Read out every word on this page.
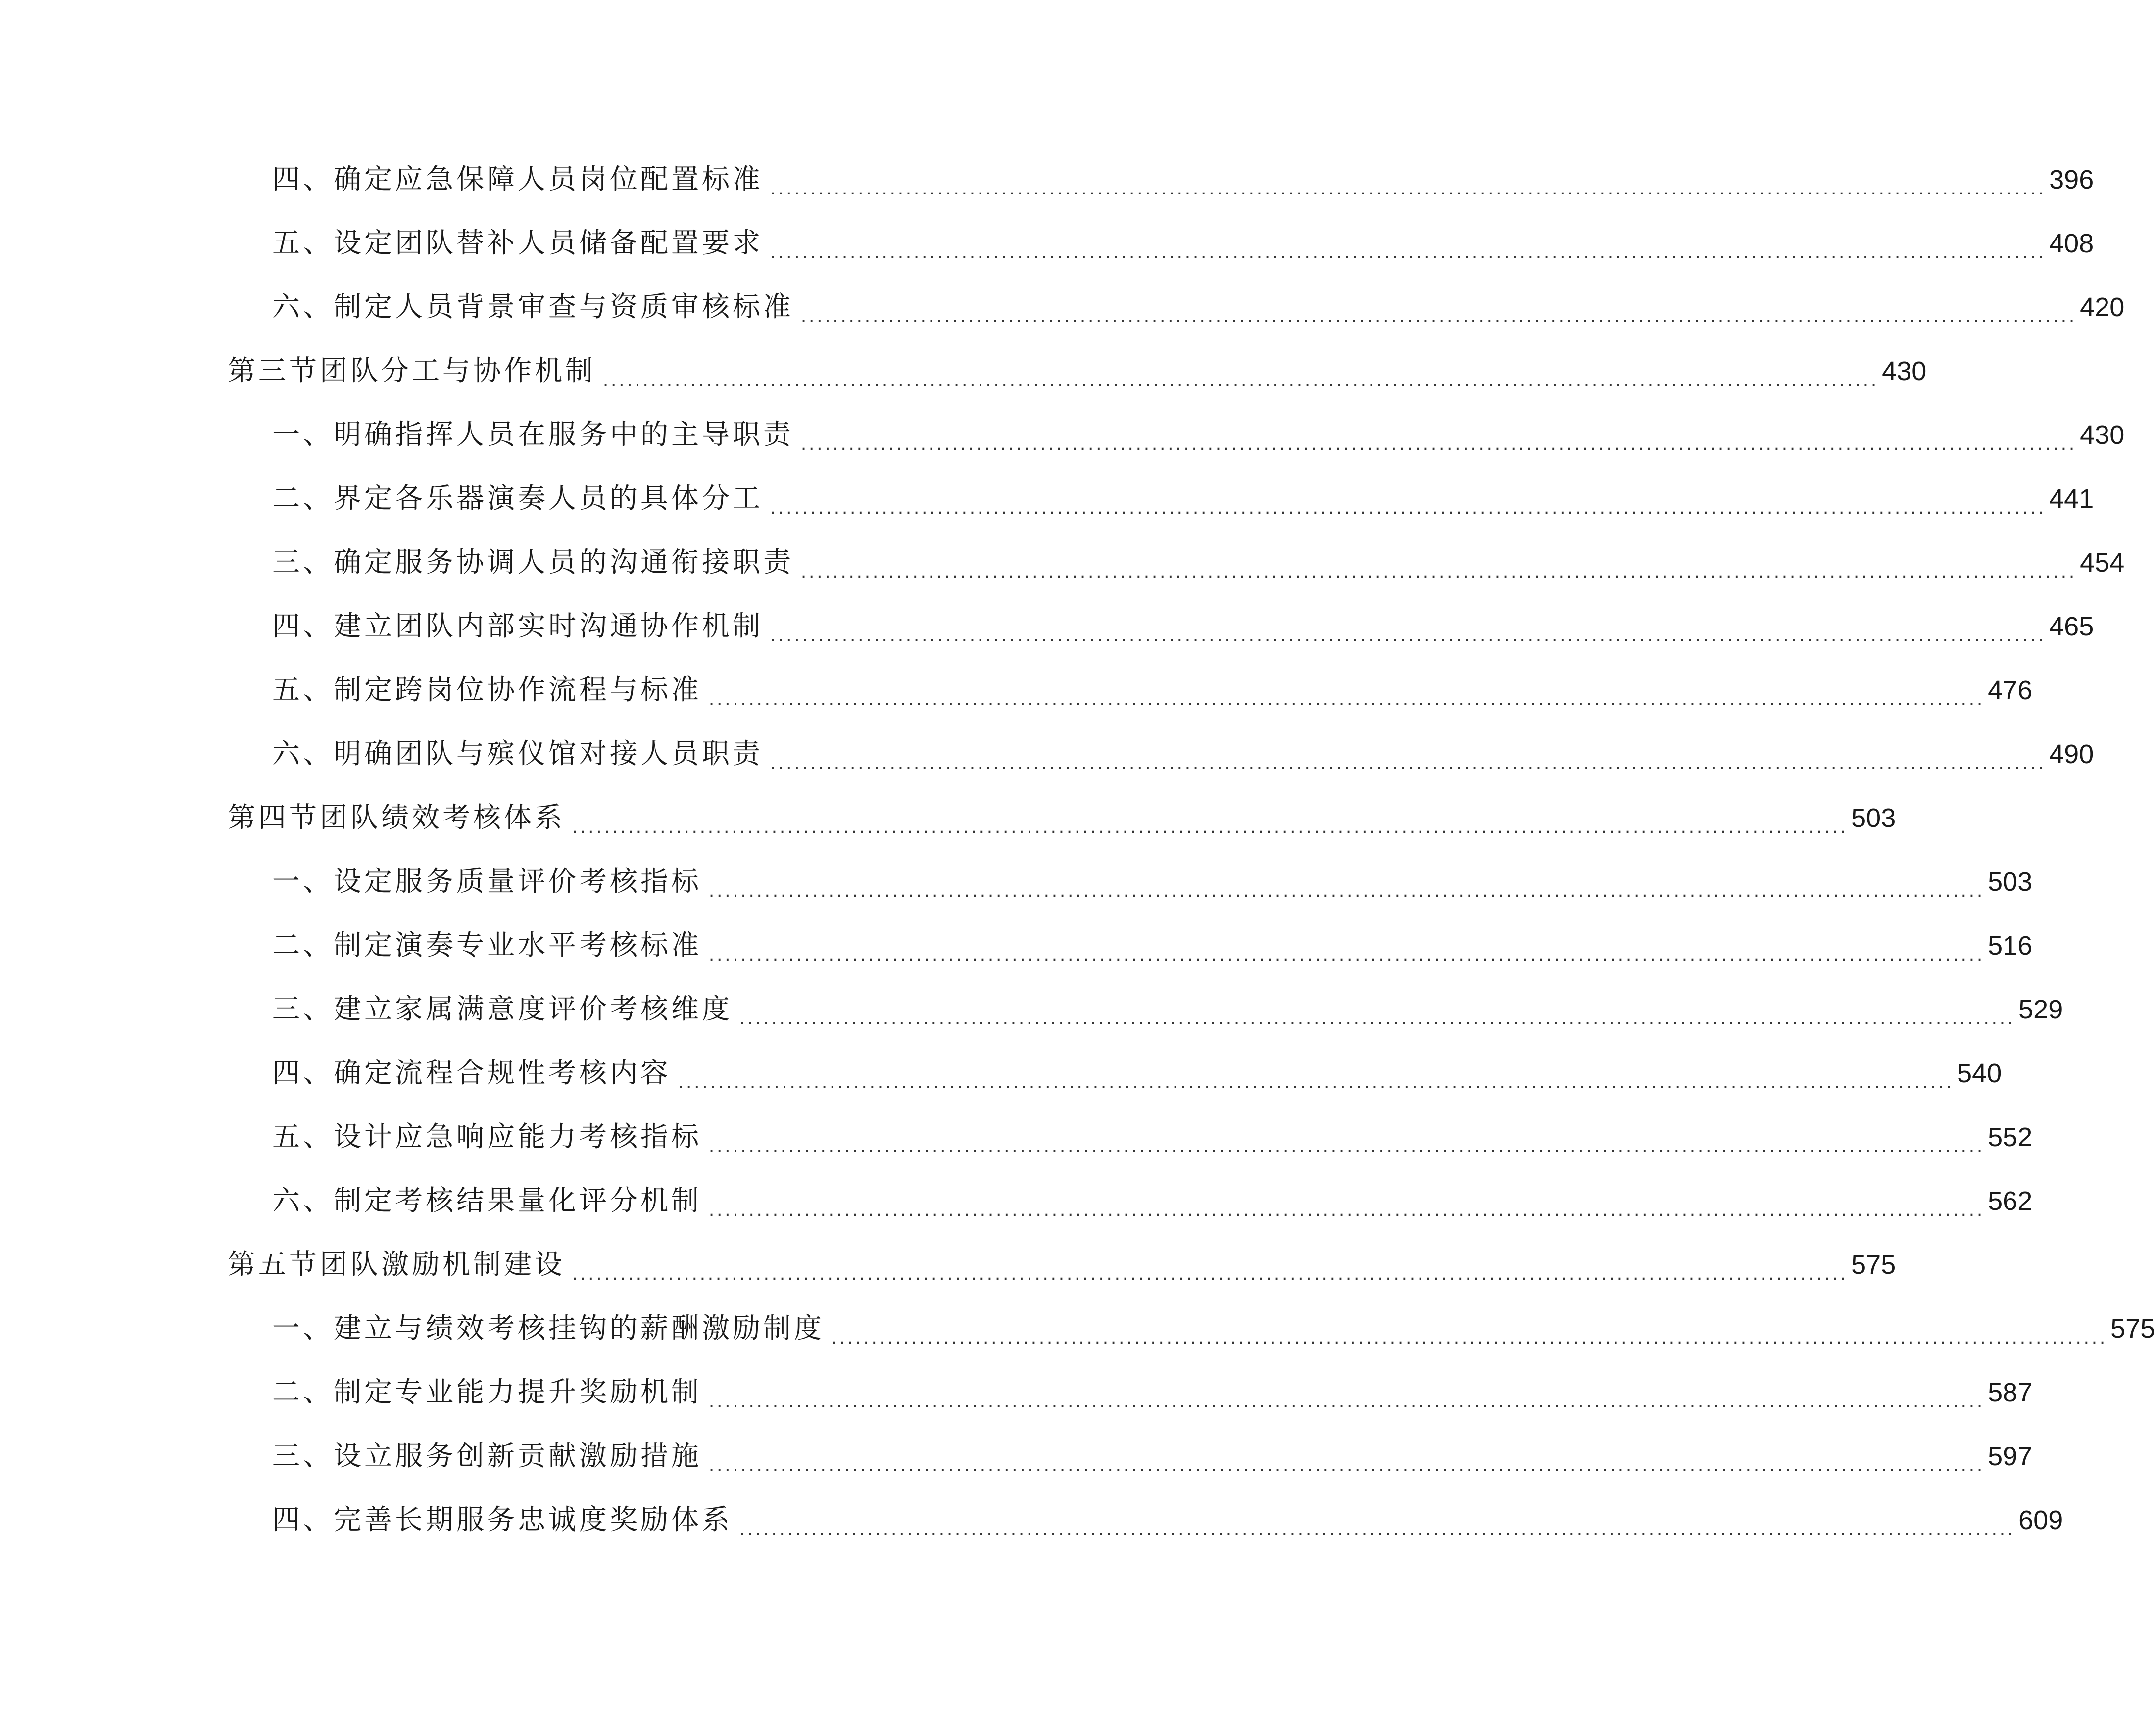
四、确定应急保障人员岗位配置标准 ................................................................................................................................................................ 396
五、设定团队替补人员储备配置要求 ................................................................................................................................................................ 408
六、制定人员背景审查与资质审核标准 ................................................................................................................................................................ 420
第三节团队分工与协作机制 ................................................................................................................................................................ 430
一、明确指挥人员在服务中的主导职责 ................................................................................................................................................................ 430
二、界定各乐器演奏人员的具体分工 ................................................................................................................................................................ 441
三、确定服务协调人员的沟通衔接职责 ................................................................................................................................................................ 454
四、建立团队内部实时沟通协作机制 ................................................................................................................................................................ 465
五、制定跨岗位协作流程与标准 ................................................................................................................................................................ 476
六、明确团队与殡仪馆对接人员职责 ................................................................................................................................................................ 490
第四节团队绩效考核体系 ................................................................................................................................................................ 503
一、设定服务质量评价考核指标 ................................................................................................................................................................ 503
二、制定演奏专业水平考核标准 ................................................................................................................................................................ 516
三、建立家属满意度评价考核维度 ................................................................................................................................................................ 529
四、确定流程合规性考核内容 ................................................................................................................................................................ 540
五、设计应急响应能力考核指标 ................................................................................................................................................................ 552
六、制定考核结果量化评分机制 ................................................................................................................................................................ 562
第五节团队激励机制建设 ................................................................................................................................................................ 575
一、建立与绩效考核挂钩的薪酬激励制度 ................................................................................................................................................................ 575
二、制定专业能力提升奖励机制 ................................................................................................................................................................ 587
三、设立服务创新贡献激励措施 ................................................................................................................................................................ 597
四、完善长期服务忠诚度奖励体系 ................................................................................................................................................................ 609
